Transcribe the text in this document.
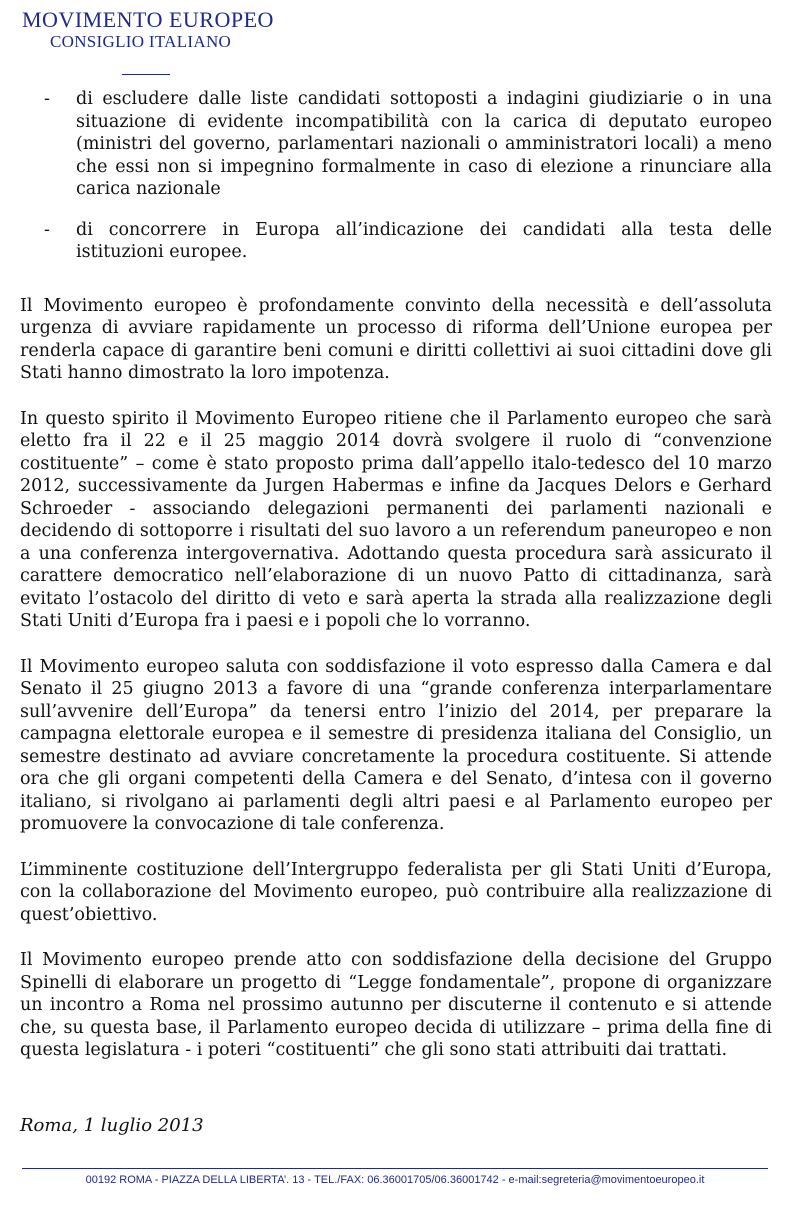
MOVIMENTO EUROPEO
CONSIGLIO ITALIANO
- di escludere dalle liste candidati sottoposti a indagini giudiziarie o in una situazione di evidente incompatibilità con la carica di deputato europeo (ministri del governo, parlamentari nazionali o amministratori locali) a meno che essi non si impegnino formalmente in caso di elezione a rinunciare alla carica nazionale
- di concorrere in Europa all’indicazione dei candidati alla testa delle istituzioni europee.

Il Movimento europeo è profondamente convinto della necessità e dell’assoluta urgenza di avviare rapidamente un processo di riforma dell’Unione europea per renderla capace di garantire beni comuni e diritti collettivi ai suoi cittadini dove gli Stati hanno dimostrato la loro impotenza.

In questo spirito il Movimento Europeo ritiene che il Parlamento europeo che sarà eletto fra il 22 e il 25 maggio 2014 dovrà svolgere il ruolo di “convenzione costituente” – come è stato proposto prima dall’appello italo-tedesco del 10 marzo 2012, successivamente da Jurgen Habermas e infine da Jacques Delors e Gerhard Schroeder - associando delegazioni permanenti dei parlamenti nazionali e decidendo di sottoporre i risultati del suo lavoro a un referendum paneuropeo e non a una conferenza intergovernativa. Adottando questa procedura sarà assicurato il carattere democratico nell’elaborazione di un nuovo Patto di cittadinanza, sarà evitato l’ostacolo del diritto di veto e sarà aperta la strada alla realizzazione degli Stati Uniti d’Europa fra i paesi e i popoli che lo vorranno.

Il Movimento europeo saluta con soddisfazione il voto espresso dalla Camera e dal Senato il 25 giugno 2013 a favore di una “grande conferenza interparlamentare sull’avvenire dell’Europa” da tenersi entro l’inizio del 2014, per preparare la campagna elettorale europea e il semestre di presidenza italiana del Consiglio, un semestre destinato ad avviare concretamente la procedura costituente. Si attende ora che gli organi competenti della Camera e del Senato, d’intesa con il governo italiano, si rivolgano ai parlamenti degli altri paesi e al Parlamento europeo per promuovere la convocazione di tale conferenza.

L’imminente costituzione dell’Intergruppo federalista per gli Stati Uniti d’Europa, con la collaborazione del Movimento europeo, può contribuire alla realizzazione di quest’obiettivo.

Il Movimento europeo prende atto con soddisfazione della decisione del Gruppo Spinelli di elaborare un progetto di “Legge fondamentale”, propone di organizzare un incontro a Roma nel prossimo autunno per discuterne il contenuto e si attende che, su questa base, il Parlamento europeo decida di utilizzare – prima della fine di questa legislatura - i poteri “costituenti” che gli sono stati attribuiti dai trattati.

Roma, 1 luglio 2013
00192 ROMA - PIAZZA DELLA LIBERTA’. 13 - TEL./FAX: 06.36001705/06.36001742 - e-mail:segreteria@movimentoeuropeo.it
